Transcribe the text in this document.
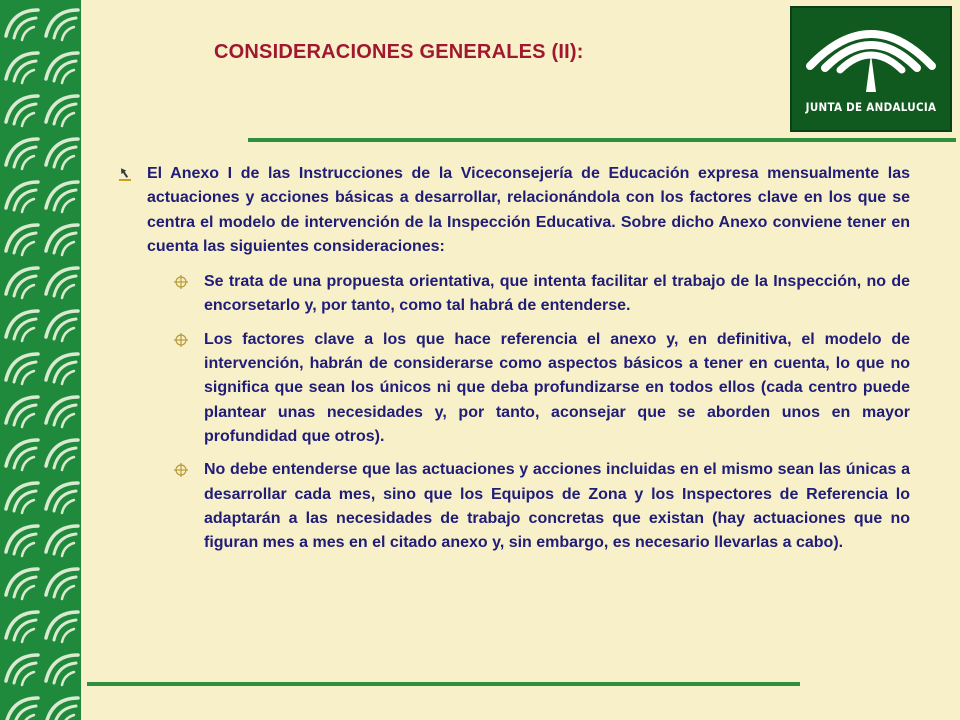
CONSIDERACIONES GENERALES (II):
JUNTA DE ANDALUCIA
El Anexo I de las Instrucciones de la Viceconsejería de Educación expresa mensualmente las actuaciones y acciones básicas a desarrollar, relacionándola con los factores clave en los que se centra el modelo de intervención de la Inspección Educativa. Sobre dicho Anexo conviene tener en cuenta las siguientes consideraciones:
Se trata de una propuesta orientativa, que intenta facilitar el trabajo de la Inspección, no de encorsetarlo y, por tanto, como tal habrá de entenderse.
Los factores clave a los que hace referencia el anexo y, en definitiva, el modelo de intervención, habrán de considerarse como aspectos básicos a tener en cuenta, lo que no significa que sean los únicos ni que deba profundizarse en todos ellos (cada centro puede plantear unas necesidades y, por tanto, aconsejar que se aborden unos en mayor profundidad que otros).
No debe entenderse que las actuaciones y acciones incluidas en el mismo sean las únicas a desarrollar cada mes, sino que los Equipos de Zona y los Inspectores de Referencia lo adaptarán a las necesidades de trabajo concretas que existan (hay actuaciones que no figuran mes a mes en el citado anexo y, sin embargo, es necesario llevarlas a cabo).
